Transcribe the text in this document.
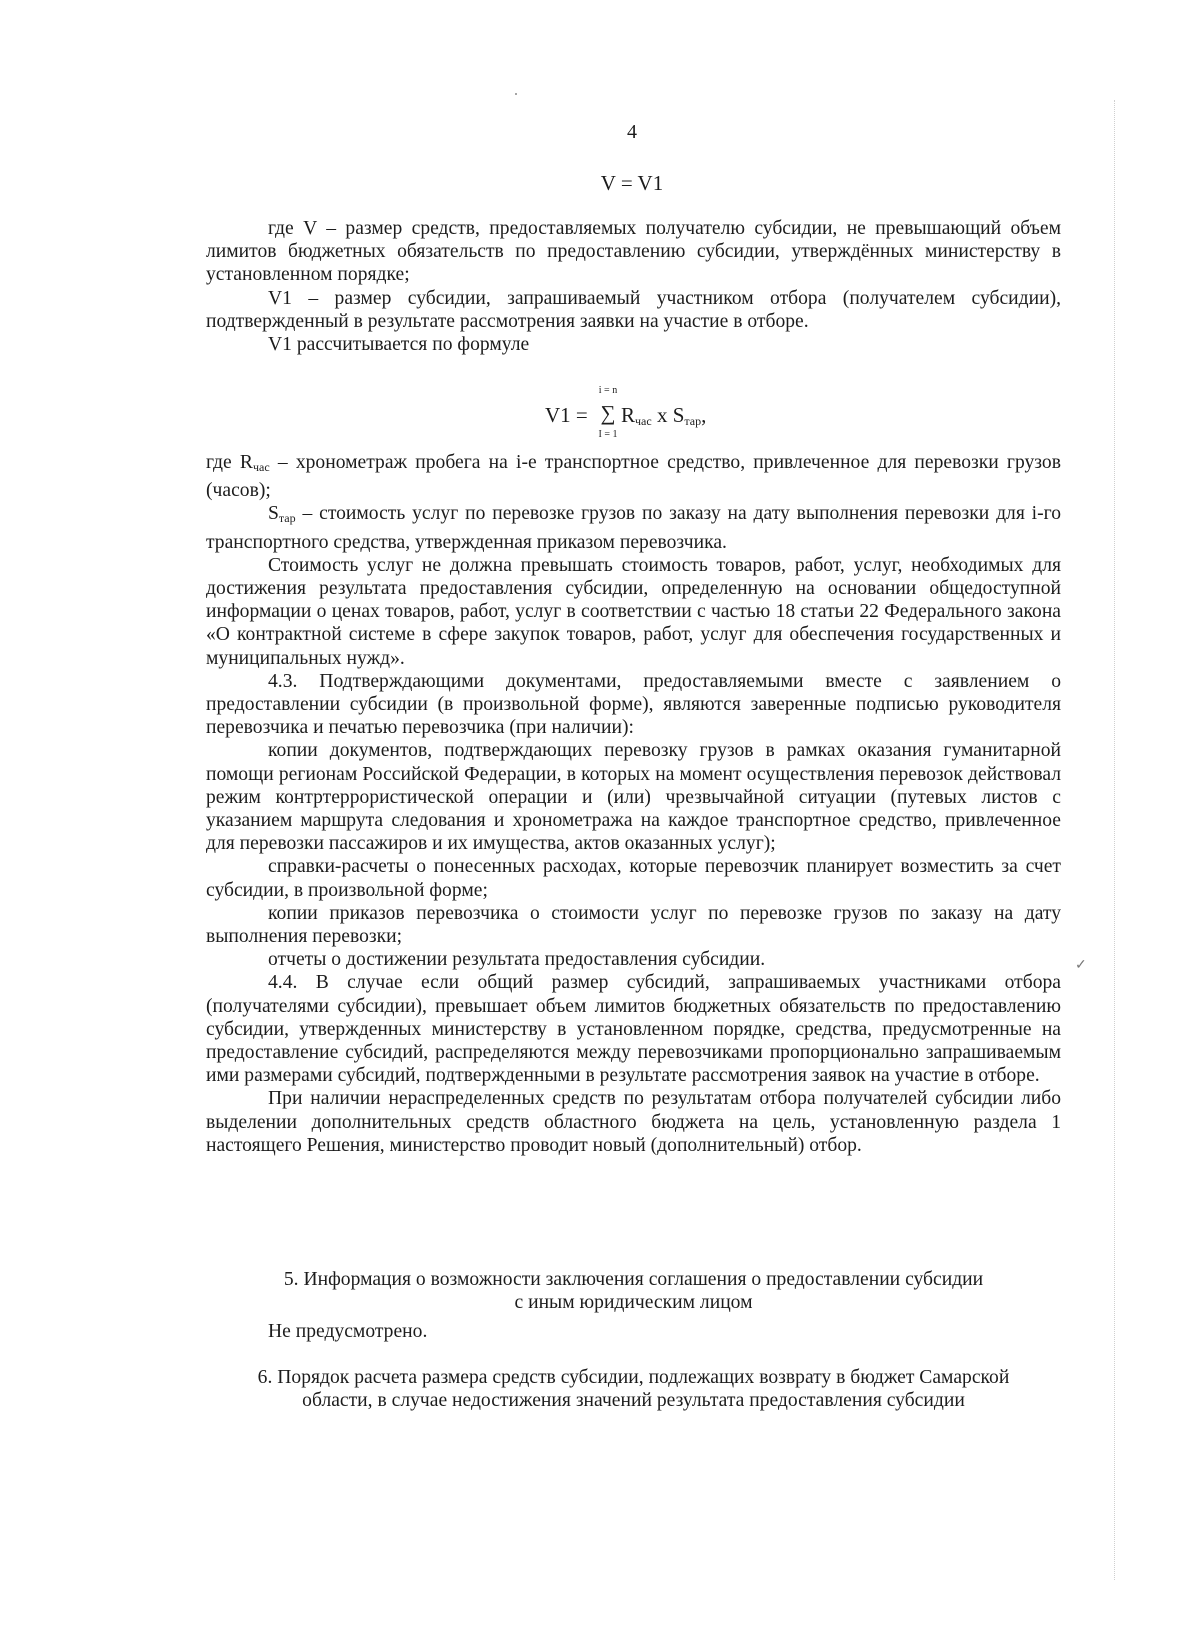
4
V = V1

где V – размер средств, предоставляемых получателю субсидии, не превышающий объем лимитов бюджетных обязательств по предоставлению субсидии, утверждённых министерству в установленном порядке;

V1 – размер субсидии, запрашиваемый участником отбора (получателем субсидии), подтвержденный в результате рассмотрения заявки на участие в отборе.

V1 рассчитывается по формуле

V1 =
i = n
∑
I = 1
$R_{час}$ x $S_{тар}$,

где $R_{час}$ – хронометраж пробега на i-е транспортное средство, привлеченное для перевозки грузов (часов);

$S_{тар}$ – стоимость услуг по перевозке грузов по заказу на дату выполнения перевозки для i-го транспортного средства, утвержденная приказом перевозчика.

Стоимость услуг не должна превышать стоимость товаров, работ, услуг, необходимых для достижения результата предоставления субсидии, определенную на основании общедоступной информации о ценах товаров, работ, услуг в соответствии с частью 18 статьи 22 Федерального закона «О контрактной системе в сфере закупок товаров, работ, услуг для обеспечения государственных и муниципальных нужд».

4.3. Подтверждающими документами, предоставляемыми вместе с заявлением о предоставлении субсидии (в произвольной форме), являются заверенные подписью руководителя перевозчика и печатью перевозчика (при наличии):

копии документов, подтверждающих перевозку грузов в рамках оказания гуманитарной помощи регионам Российской Федерации, в которых на момент осуществления перевозок действовал режим контртеррористической операции и (или) чрезвычайной ситуации (путевых листов с указанием маршрута следования и хронометража на каждое транспортное средство, привлеченное для перевозки пассажиров и их имущества, актов оказанных услуг);

справки-расчеты о понесенных расходах, которые перевозчик планирует возместить за счет субсидии, в произвольной форме;

копии приказов перевозчика о стоимости услуг по перевозке грузов по заказу на дату выполнения перевозки;

отчеты о достижении результата предоставления субсидии.

4.4. В случае если общий размер субсидий, запрашиваемых участниками отбора (получателями субсидии), превышает объем лимитов бюджетных обязательств по предоставлению субсидии, утвержденных министерству в установленном порядке, средства, предусмотренные на предоставление субсидий, распределяются между перевозчиками пропорционально запрашиваемым ими размерами субсидий, подтвержденными в результате рассмотрения заявок на участие в отборе.

При наличии нераспределенных средств по результатам отбора получателей субсидии либо выделении дополнительных средств областного бюджета на цель, установленную раздела 1 настоящего Решения, министерство проводит новый (дополнительный) отбор.

5. Информация о возможности заключения соглашения о предоставлении субсидии

с иным юридическим лицом

Не предусмотрено.

6. Порядок расчета размера средств субсидии, подлежащих возврату в бюджет Самарской

области, в случае недостижения значений результата предоставления субсидии

✓
